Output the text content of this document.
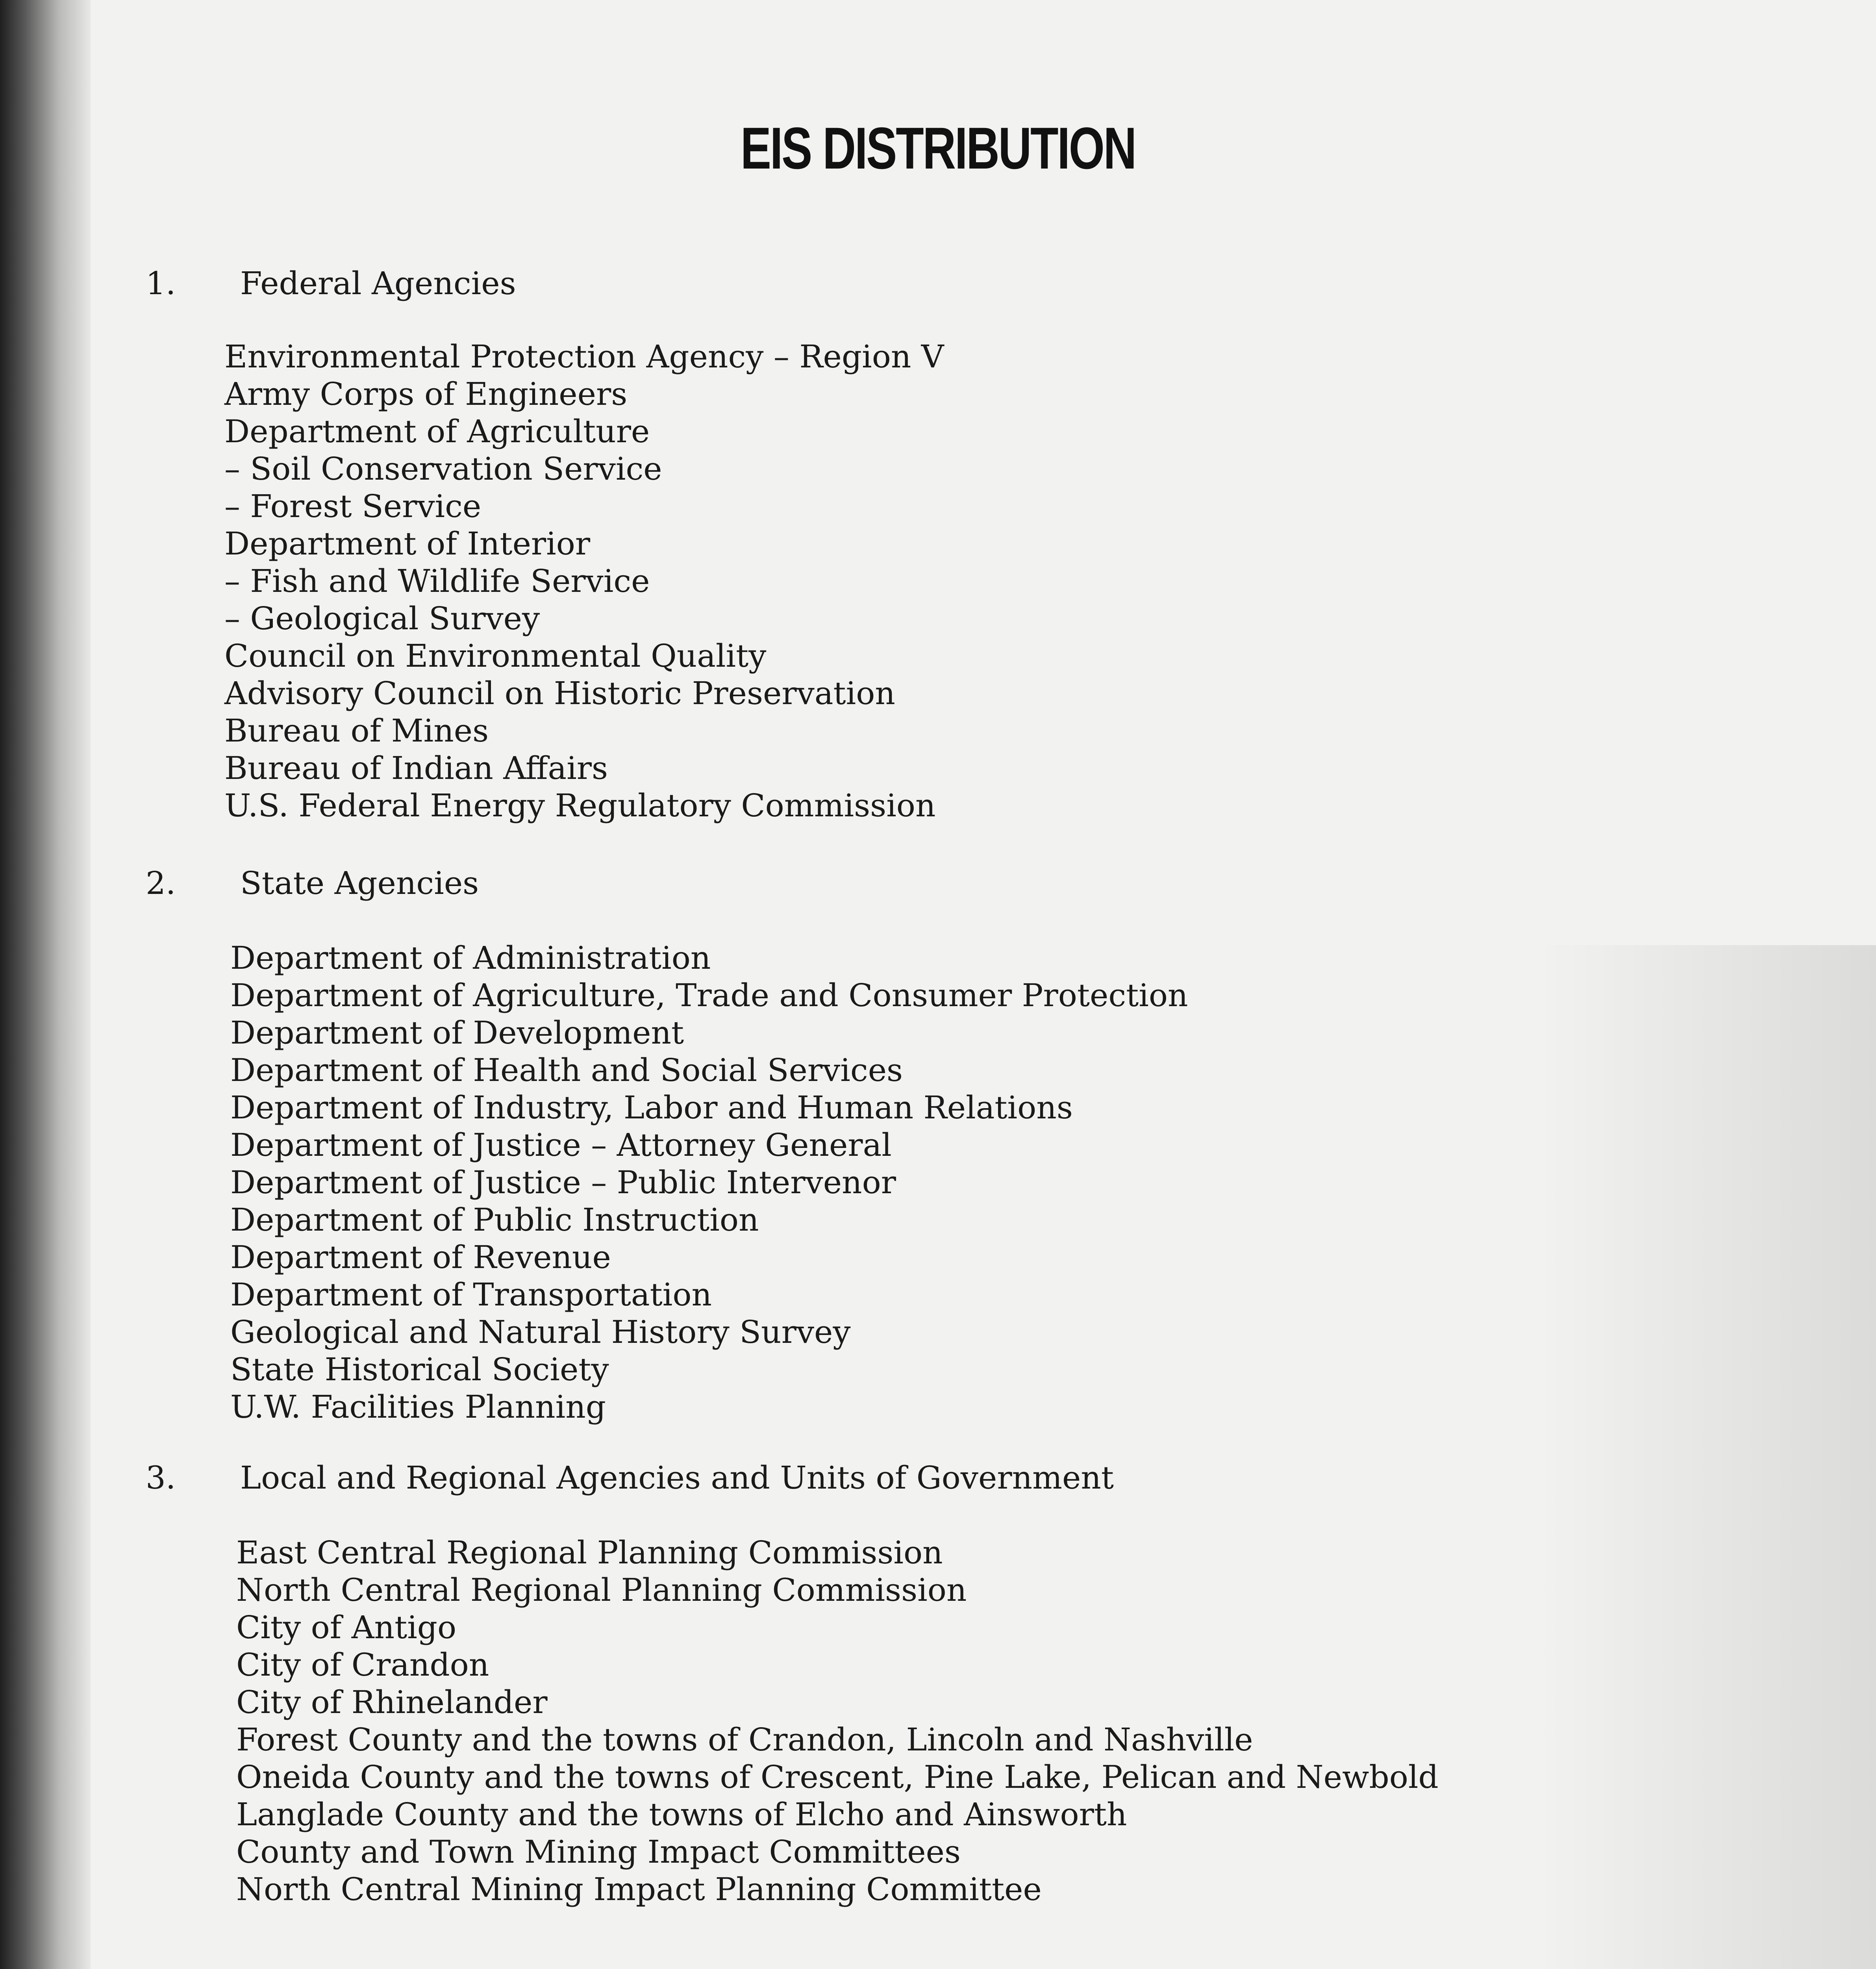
EIS DISTRIBUTION
1.	Federal Agencies
Environmental Protection Agency – Region V
Army Corps of Engineers
Department of Agriculture
– Soil Conservation Service
– Forest Service
Department of Interior
– Fish and Wildlife Service
– Geological Survey
Council on Environmental Quality
Advisory Council on Historic Preservation
Bureau of Mines
Bureau of Indian Affairs
U.S. Federal Energy Regulatory Commission
2.	State Agencies
Department of Administration
Department of Agriculture, Trade and Consumer Protection
Department of Development
Department of Health and Social Services
Department of Industry, Labor and Human Relations
Department of Justice – Attorney General
Department of Justice – Public Intervenor
Department of Public Instruction
Department of Revenue
Department of Transportation
Geological and Natural History Survey
State Historical Society
U.W. Facilities Planning
3.	Local and Regional Agencies and Units of Government
East Central Regional Planning Commission
North Central Regional Planning Commission
City of Antigo
City of Crandon
City of Rhinelander
Forest County and the towns of Crandon, Lincoln and Nashville
Oneida County and the towns of Crescent, Pine Lake, Pelican and Newbold
Langlade County and the towns of Elcho and Ainsworth
County and Town Mining Impact Committees
North Central Mining Impact Planning Committee
